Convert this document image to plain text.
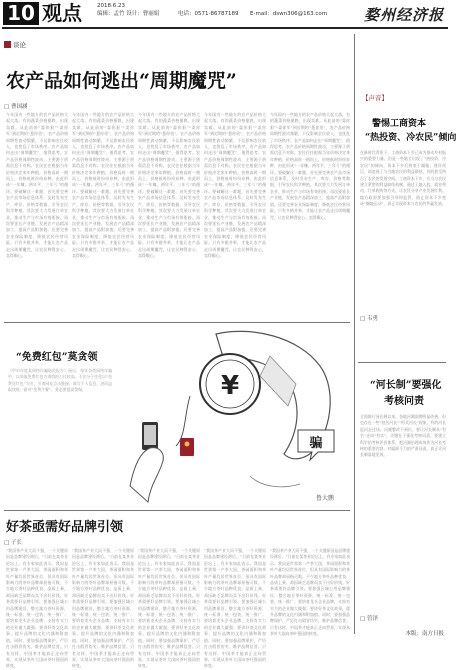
10 观点	2018.6.23
编辑：孟竹 设计：曹丽娟	电话：0571-86787189 E-mail：dswn306@163.com 婺州经济报
谈论
农产品如何逃出“周期魔咒”
□ 曹国涵
今年国内一些地方的农产品价格大起大落，有的蔬菜价格暴跌，出现卖难。从此前的“蒜你狠”“姜你军”到近期的“葱你贵”，农产品价格周期性波动频繁，不仅影响农民收入，也扰乱了市场秩序。农产品如何走出“周期魔咒”，值得思考。农产品价格周期性波动，主要源于供需信息不对称。农民往往根据当年价格决定来年种植，价格高时一拥而上，价格低时纷纷弃种，由此形成“一年赚、两年平、三年亏”的循环。要破解这一难题，首先要完善农产品市场信息体系，及时发布生产、库存、价格等数据，引导农民科学种植。其次要大力发展订单农业，推动生产与市场有效衔接。再次要延长产业链，发展农产品精深加工，提高产品附加值。还要完善农业保险制度，降低农民经营风险。只有多措并举，才能让农产品走出周期魔咒，让农民种得安心、卖得顺心。
今年国内一些地方的农产品价格大起大落，有的蔬菜价格暴跌，出现卖难。从此前的“蒜你狠”“姜你军”到近期的“葱你贵”，农产品价格周期性波动频繁，不仅影响农民收入，也扰乱了市场秩序。农产品如何走出“周期魔咒”，值得思考。农产品价格周期性波动，主要源于供需信息不对称。农民往往根据当年价格决定来年种植，价格高时一拥而上，价格低时纷纷弃种，由此形成“一年赚、两年平、三年亏”的循环。要破解这一难题，首先要完善农产品市场信息体系，及时发布生产、库存、价格等数据，引导农民科学种植。其次要大力发展订单农业，推动生产与市场有效衔接。再次要延长产业链，发展农产品精深加工，提高产品附加值。还要完善农业保险制度，降低农民经营风险。只有多措并举，才能让农产品走出周期魔咒，让农民种得安心、卖得顺心。
今年国内一些地方的农产品价格大起大落，有的蔬菜价格暴跌，出现卖难。从此前的“蒜你狠”“姜你军”到近期的“葱你贵”，农产品价格周期性波动频繁，不仅影响农民收入，也扰乱了市场秩序。农产品如何走出“周期魔咒”，值得思考。农产品价格周期性波动，主要源于供需信息不对称。农民往往根据当年价格决定来年种植，价格高时一拥而上，价格低时纷纷弃种，由此形成“一年赚、两年平、三年亏”的循环。要破解这一难题，首先要完善农产品市场信息体系，及时发布生产、库存、价格等数据，引导农民科学种植。其次要大力发展订单农业，推动生产与市场有效衔接。再次要延长产业链，发展农产品精深加工，提高产品附加值。还要完善农业保险制度，降低农民经营风险。只有多措并举，才能让农产品走出周期魔咒，让农民种得安心、卖得顺心。
今年国内一些地方的农产品价格大起大落，有的蔬菜价格暴跌，出现卖难。从此前的“蒜你狠”“姜你军”到近期的“葱你贵”，农产品价格周期性波动频繁，不仅影响农民收入，也扰乱了市场秩序。农产品如何走出“周期魔咒”，值得思考。农产品价格周期性波动，主要源于供需信息不对称。农民往往根据当年价格决定来年种植，价格高时一拥而上，价格低时纷纷弃种，由此形成“一年赚、两年平、三年亏”的循环。要破解这一难题，首先要完善农产品市场信息体系，及时发布生产、库存、价格等数据，引导农民科学种植。其次要大力发展订单农业，推动生产与市场有效衔接。再次要延长产业链，发展农产品精深加工，提高产品附加值。还要完善农业保险制度，降低农民经营风险。只有多措并举，才能让农产品走出周期魔咒，让农民种得安心、卖得顺心。
今年国内一些地方的农产品价格大起大落，有的蔬菜价格暴跌，出现卖难。从此前的“蒜你狠”“姜你军”到近期的“葱你贵”，农产品价格周期性波动频繁，不仅影响农民收入，也扰乱了市场秩序。农产品如何走出“周期魔咒”，值得思考。农产品价格周期性波动，主要源于供需信息不对称。农民往往根据当年价格决定来年种植，价格高时一拥而上，价格低时纷纷弃种，由此形成“一年赚、两年平、三年亏”的循环。要破解这一难题，首先要完善农产品市场信息体系，及时发布生产、库存、价格等数据，引导农民科学种植。其次要大力发展订单农业，推动生产与市场有效衔接。再次要延长产业链，发展农产品精深加工，提高产品附加值。还要完善农业保险制度，降低农民经营风险。只有多措并举，才能让农产品走出周期魔咒，让农民种得安心、卖得顺心。
【声音】
警惕工商资本
“热投资、冷农民”倾向
在新时代背景下，工商资本下乡已成为推动乡村振兴的重要力量。但是一些地方出现了“热投资、冷农民”的倾向，资本下乡后热衷于圈地、建设项目，却忽视了与当地农民的利益联结，有的甚至挤占了农民的发展空间。工商资本下乡，应当与农民建立紧密的利益联结机制，通过土地入股、就业带动、订单收购等方式，让农民分享产业发展红利。地方政府要加强引导和监管，防止资本下乡变成“圈地运动”，真正实现资本与农民的共赢发展。
□ 韦勇
“河长制”要强化
考核问责
全面推行河长制以来，各地河湖面貌明显改善，但也存在一些“挂名河长”“形式河长”现象，有的河长巡河走过场、问题整改不到位。要让河长制从“有名”走向“有实”，关键在于强化考核问责。要建立科学的考核评价体系，把河湖治理成效作为河长考核的重要内容，对履职不力的严肃问责，真正让河长制落地见效。
□ 管泽
“免费红包”莫贪领
《甲申年度某网络诈骗防范报告》指出，每年各类网络诈骗中，以领取免费红包为诱饵的占比较高。不法分子往往以“免费送红包”为名，引诱网友点击链接、填写个人信息，进而盗取钱财。面对“免费午餐”，务必要提高警惕。	¥
骗
鲁大鹏
好茶亟需好品牌引领
□ 子长
“我国茶产业大而不强，一个关键原因是品牌建设滞后。”日前在某茶业论坛上，有专家如此表示。我国是世界第一产茶大国，茶园面积和茶叶产量均居世界首位，但具有国际影响力的茶叶品牌却屈指可数。不少地方茶叶品种优良、品质上乘，却因缺乏品牌而卖不出好价钱。好茶需要好品牌引领。要加强区域公用品牌建设，整合地方茶叶资源，统一标准、统一包装、统一推广；要培育龙头企业品牌，支持有实力的企业做大做强；要讲好茶文化故事，提升品牌的文化内涵和附加值。同时，要加强品牌保护，严厉打击假冒伪劣，维护品牌信誉。只有这样，中国茶才能真正走向世界，实现从茶叶大国向茶叶强国的转变。
“我国茶产业大而不强，一个关键原因是品牌建设滞后。”日前在某茶业论坛上，有专家如此表示。我国是世界第一产茶大国，茶园面积和茶叶产量均居世界首位，但具有国际影响力的茶叶品牌却屈指可数。不少地方茶叶品种优良、品质上乘，却因缺乏品牌而卖不出好价钱。好茶需要好品牌引领。要加强区域公用品牌建设，整合地方茶叶资源，统一标准、统一包装、统一推广；要培育龙头企业品牌，支持有实力的企业做大做强；要讲好茶文化故事，提升品牌的文化内涵和附加值。同时，要加强品牌保护，严厉打击假冒伪劣，维护品牌信誉。只有这样，中国茶才能真正走向世界，实现从茶叶大国向茶叶强国的转变。
“我国茶产业大而不强，一个关键原因是品牌建设滞后。”日前在某茶业论坛上，有专家如此表示。我国是世界第一产茶大国，茶园面积和茶叶产量均居世界首位，但具有国际影响力的茶叶品牌却屈指可数。不少地方茶叶品种优良、品质上乘，却因缺乏品牌而卖不出好价钱。好茶需要好品牌引领。要加强区域公用品牌建设，整合地方茶叶资源，统一标准、统一包装、统一推广；要培育龙头企业品牌，支持有实力的企业做大做强；要讲好茶文化故事，提升品牌的文化内涵和附加值。同时，要加强品牌保护，严厉打击假冒伪劣，维护品牌信誉。只有这样，中国茶才能真正走向世界，实现从茶叶大国向茶叶强国的转变。
“我国茶产业大而不强，一个关键原因是品牌建设滞后。”日前在某茶业论坛上，有专家如此表示。我国是世界第一产茶大国，茶园面积和茶叶产量均居世界首位，但具有国际影响力的茶叶品牌却屈指可数。不少地方茶叶品种优良、品质上乘，却因缺乏品牌而卖不出好价钱。好茶需要好品牌引领。要加强区域公用品牌建设，整合地方茶叶资源，统一标准、统一包装、统一推广；要培育龙头企业品牌，支持有实力的企业做大做强；要讲好茶文化故事，提升品牌的文化内涵和附加值。同时，要加强品牌保护，严厉打击假冒伪劣，维护品牌信誉。只有这样，中国茶才能真正走向世界，实现从茶叶大国向茶叶强国的转变。
“我国茶产业大而不强，一个关键原因是品牌建设滞后。”日前在某茶业论坛上，有专家如此表示。我国是世界第一产茶大国，茶园面积和茶叶产量均居世界首位，但具有国际影响力的茶叶品牌却屈指可数。不少地方茶叶品种优良、品质上乘，却因缺乏品牌而卖不出好价钱。好茶需要好品牌引领。要加强区域公用品牌建设，整合地方茶叶资源，统一标准、统一包装、统一推广；要培育龙头企业品牌，支持有实力的企业做大做强；要讲好茶文化故事，提升品牌的文化内涵和附加值。同时，要加强品牌保护，严厉打击假冒伪劣，维护品牌信誉。只有这样，中国茶才能真正走向世界，实现从茶叶大国向茶叶强国的转变。	本版：南方日报
